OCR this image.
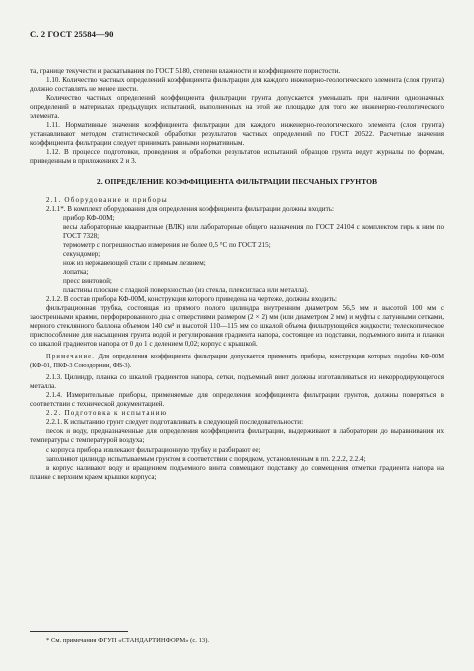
С. 2 ГОСТ 25584—90

та, границе текучести и раскатывания по ГОСТ 5180, степени влажности и коэффициенте пористости.

1.10. Количество частных определений коэффициента фильтрации для каждого инженерно-геологического элемента (слоя грунта) должно составлять не менее шести.

Количество частных определений коэффициента фильтрации грунта допускается уменьшать при наличии однозначных определений в материалах предыдущих испытаний, выполненных на этой же площадке для того же инженерно-геологического элемента.

1.11. Нормативные значения коэффициента фильтрации для каждого инженерно-геологического элемента (слоя грунта) устанавливают методом статистической обработки результатов частных определений по ГОСТ 20522. Расчетные значения коэффициента фильтрации следует принимать равными нормативным.

1.12. В процессе подготовки, проведения и обработки результатов испытаний образцов грунта ведут журналы по формам, приведенным в приложениях 2 и 3.

2. ОПРЕДЕЛЕНИЕ КОЭФФИЦИЕНТА ФИЛЬТРАЦИИ ПЕСЧАНЫХ ГРУНТОВ

2.1. Оборудование и приборы

2.1.1*. В комплект оборудования для определения коэффициента фильтрации должны входить:

прибор КФ-00М;

весы лабораторные квадрантные (ВЛК) или лабораторные общего назначения по ГОСТ 24104 с комплектом гирь к ним по ГОСТ 7328;

термометр с погрешностью измерения не более 0,5 °С по ГОСТ 215;

секундомер;

нож из нержавеющей стали с прямым лезвием;

лопатка;

пресс винтовой;

пластины плоские с гладкой поверхностью (из стекла, плексигласа или металла).

2.1.2. В состав прибора КФ-00М, конструкция которого приведена на чертеже, должны входить:

фильтрационная трубка, состоящая из прямого полого цилиндра внутренним диаметром 56,5 мм и высотой 100 мм с заостренными краями, перфорированного дна с отверстиями размером (2 × 2) мм (или диаметром 2 мм) и муфты с латунными сетками, мерного стеклянного баллона объемом 140 см³ и высотой 110—115 мм со шкалой объема фильтрующейся жидкости; телескопическое приспособление для насыщения грунта водой и регулирования градиента напора, состоящее из подставки, подъемного винта и планки со шкалой градиентов напора от 0 до 1 с делением 0,02; корпус с крышкой.

Примечание. Для определения коэффициента фильтрации допускается применять приборы, конструкция которых подобна КФ-00М (КФ-01, ПКФ-3 Союздорнии, ФВ-3).

2.1.3. Цилиндр, планка со шкалой градиентов напора, сетки, подъемный винт должны изготавливаться из некорродирующегося металла.

2.1.4. Измерительные приборы, применяемые для определения коэффициента фильтрации грунтов, должны поверяться в соответствии с технической документацией.

2.2. Подготовка к испытанию

2.2.1. К испытанию грунт следует подготавливать в следующей последовательности:

песок и воду, предназначенные для определения коэффициента фильтрации, выдерживают в лаборатории до выравнивания их температуры с температурой воздуха;

с корпуса прибора извлекают фильтрационную трубку и разбирают ее;

заполняют цилиндр испытываемым грунтом в соответствии с порядком, установленным в пп. 2.2.2, 2.2.4;

в корпус наливают воду и вращением подъемного винта совмещают подставку до совмещения отметки градиента напора на планке с верхним краем крышки корпуса;

* См. примечания ФГУП «СТАНДАРТИНФОРМ» (с. 13).
